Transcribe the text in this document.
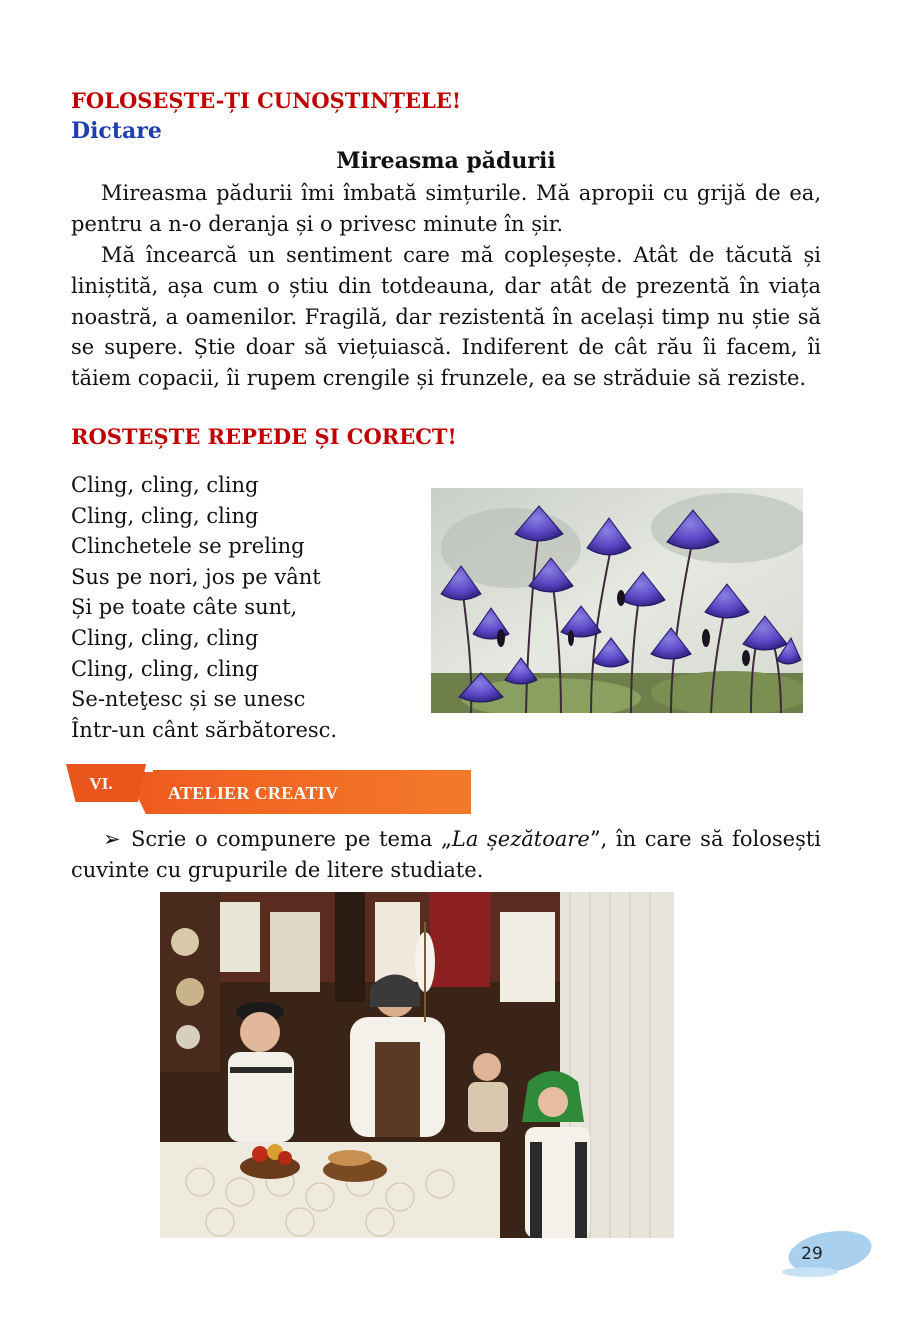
FOLOSEȘTE-ȚI CUNOȘTINȚELE!
Dictare
Mireasma pădurii

Mireasma pădurii îmi îmbată simțurile. Mă apropii cu grijă de ea, pentru a n-o deranja și o privesc minute în șir.

Mă încearcă un sentiment care mă copleșește. Atât de tăcută și liniștită, așa cum o știu din totdeauna, dar atât de prezentă în viața noastră, a oamenilor. Fragilă, dar rezistentă în același timp nu știe să se supere. Știe doar să viețuiască. Indiferent de cât rău îi facem, îi tăiem copacii, îi rupem crengile și frunzele, ea se străduie să reziste.

ROSTEȘTE REPEDE ȘI CORECT!
Cling, cling, cling
Cling, cling, cling
Clinchetele se preling
Sus pe nori, jos pe vânt
Și pe toate câte sunt,
Cling, cling, cling
Cling, cling, cling
Se-nteţesc și se unesc
Într-un cânt sărbătoresc.
VI.	ATELIER CREATIV
➢ Scrie o compunere pe tema „La șezătoare”, în care să folosești cuvinte cu grupurile de litere studiate.
29
